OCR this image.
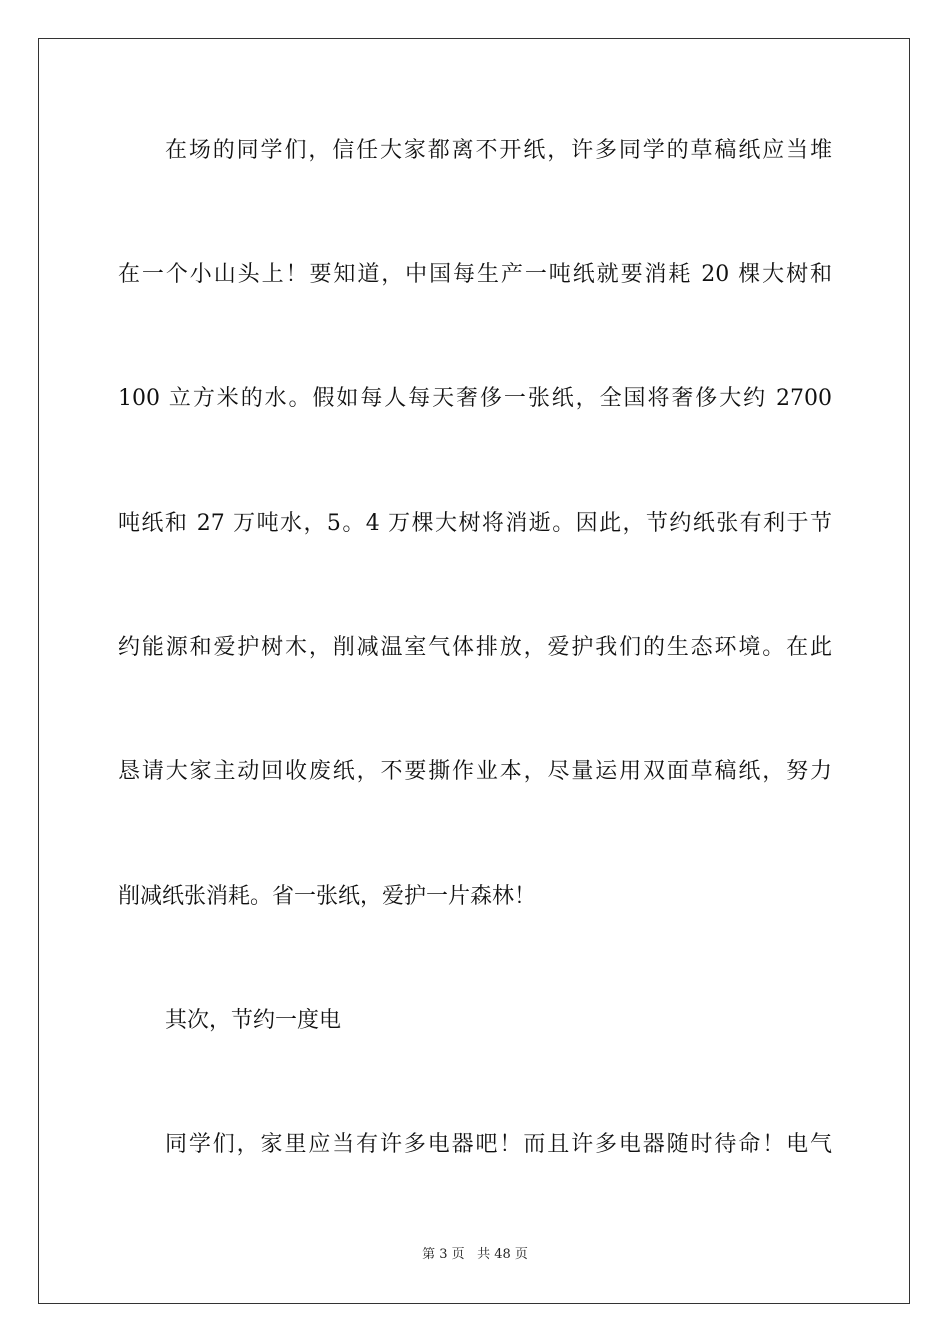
在场的同学们，信任大家都离不开纸，许多同学的草稿纸应当堆

在一个小山头上！要知道，中国每生产一吨纸就要消耗 20 棵大树和

100 立方米的水。假如每人每天奢侈一张纸，全国将奢侈大约 2700

吨纸和 27 万吨水，5。4 万棵大树将消逝。因此，节约纸张有利于节

约能源和爱护树木，削减温室气体排放，爱护我们的生态环境。在此

恳请大家主动回收废纸，不要撕作业本，尽量运用双面草稿纸，努力

削减纸张消耗。省一张纸，爱护一片森林！

其次，节约一度电

同学们，家里应当有许多电器吧！而且许多电器随时待命！电气

第 3 页 共 48 页
